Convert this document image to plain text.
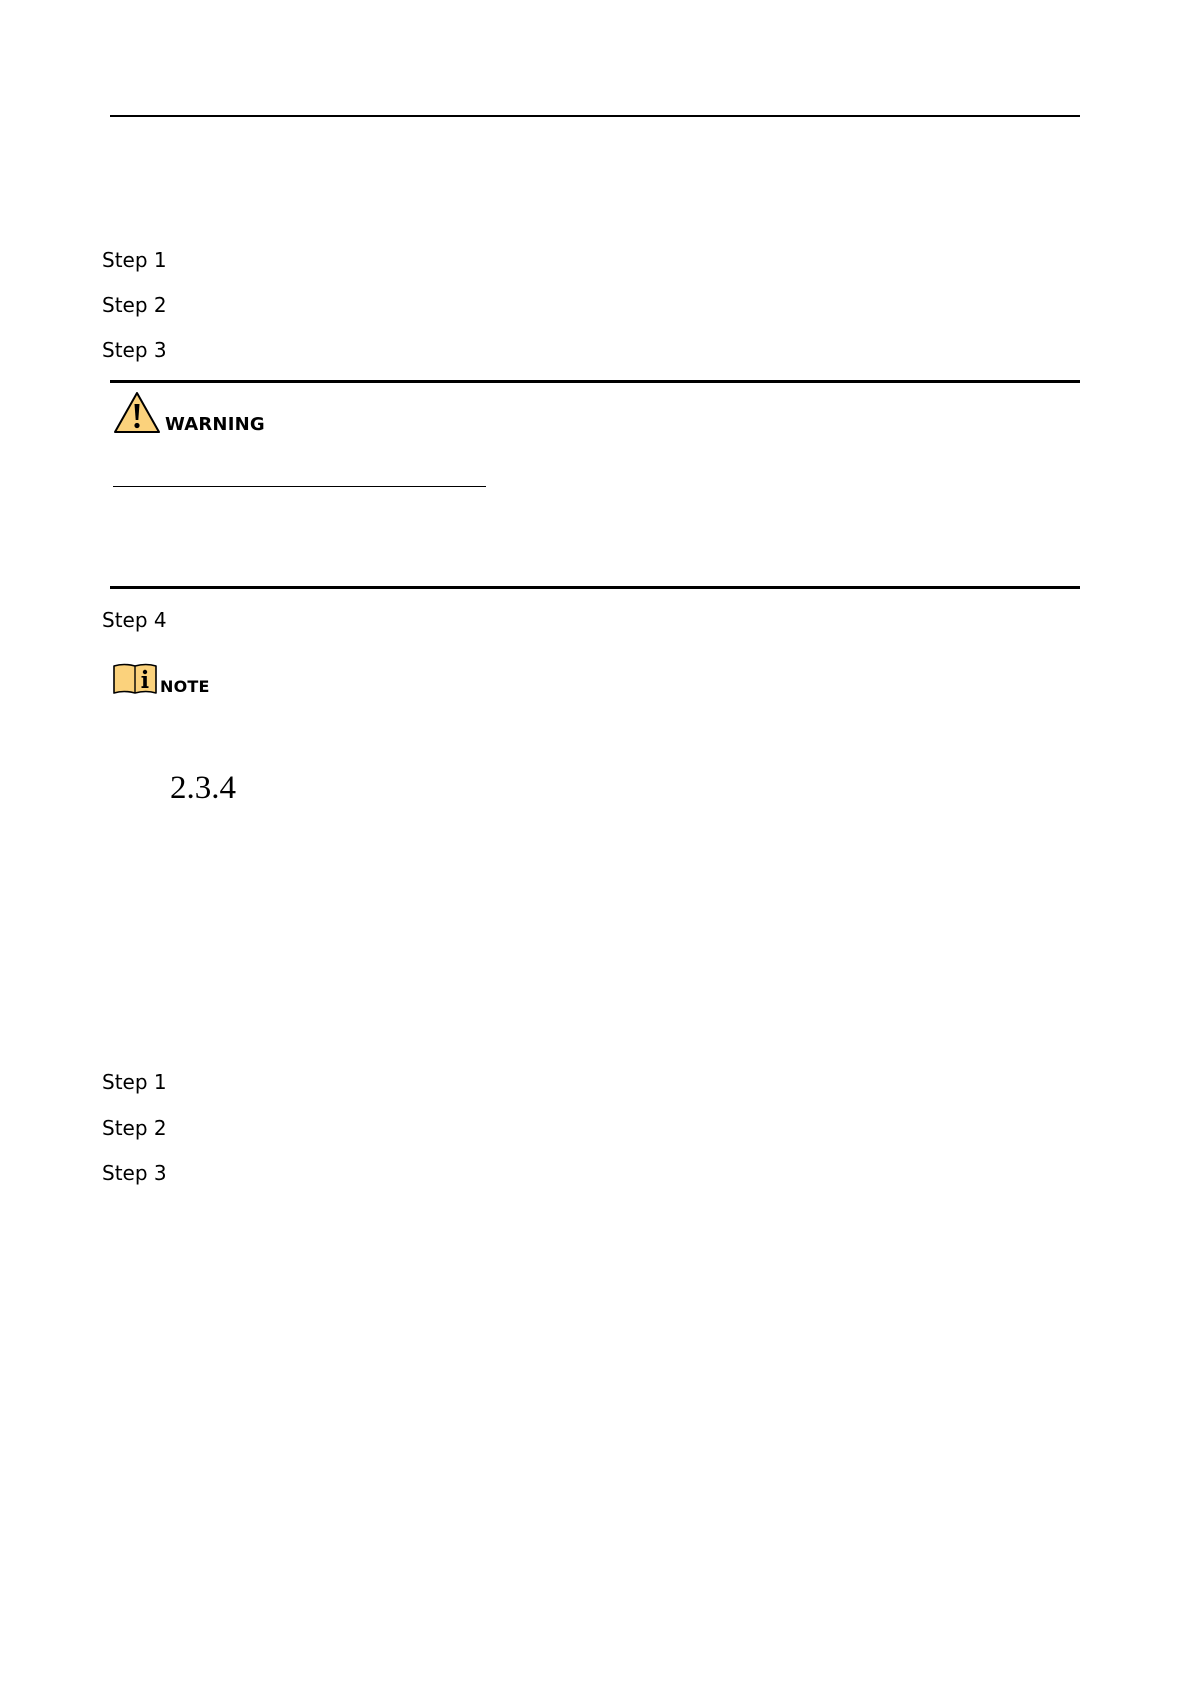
Step 1
Step 2
Step 3
WARNING
Step 4
NOTE
2.3.4
Step 1
Step 2
Step 3
